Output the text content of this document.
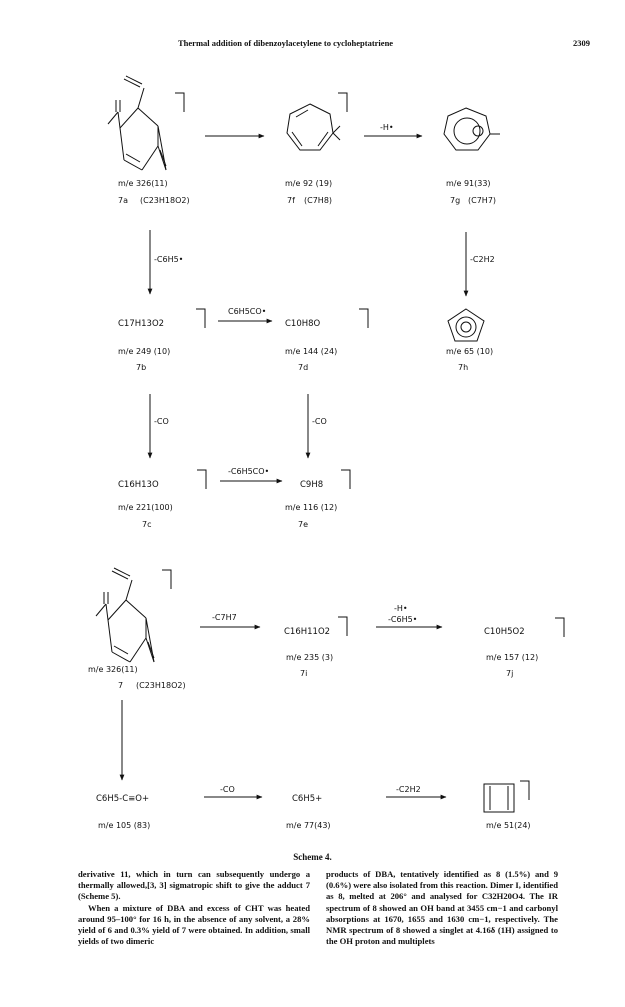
Thermal addition of dibenzoylacetylene to cycloheptatriene	2309
m/e 326(11)
7a (C23H18O2)
m/e 92 (19)
7f (C7H8)
m/e 91(33)
7g (C7H7)
-H•
-C6H5•	-C2H2
C17H13O2
m/e 249 (10)
7b
C6H5CO•
C10H8O
m/e 144 (24)
7d
m/e 65 (10)
7h
-CO	-CO
C16H13O
m/e 221(100)
7c
-C6H5CO•
C9H8
m/e 116 (12)
7e
m/e 326(11)
7 (C23H18O2)
-C7H7
C16H11O2
m/e 235 (3)
7i
-H•
-C6H5•
C10H5O2
m/e 157 (12)
7j
C6H5-C≡O+
m/e 105 (83)
-CO
C6H5+
m/e 77(43)
-C2H2
m/e 51(24)
Scheme 4.

derivative 11, which in turn can subsequently undergo a thermally allowed,[3, 3] sigmatropic shift to give the adduct 7 (Scheme 5).

When a mixture of DBA and excess of CHT was heated around 95–100° for 16 h, in the absence of any solvent, a 28% yield of 6 and 0.3% yield of 7 were obtained. In addition, small yields of two dimeric

products of DBA, tentatively identified as 8 (1.5%) and 9 (0.6%) were also isolated from this reaction. Dimer I, identified as 8, melted at 206° and analysed for C32H20O4. The IR spectrum of 8 showed an OH band at 3455 cm−1 and carbonyl absorptions at 1670, 1655 and 1630 cm−1, respectively. The NMR spectrum of 8 showed a singlet at 4.16δ (1H) assigned to the OH proton and multiplets
